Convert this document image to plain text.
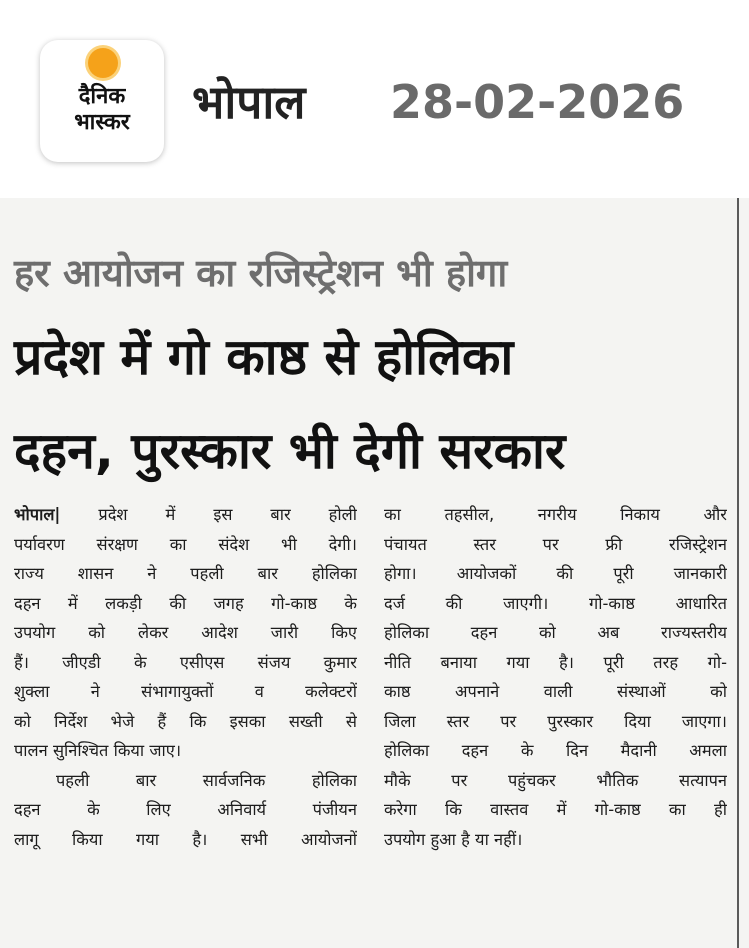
दैनिक
भास्कर	भोपाल 28-02-2026
हर आयोजन का रजिस्ट्रेशन भी होगा
प्रदेश में गो काष्ठ से होलिका
दहन, पुरस्कार भी देगी सरकार
भोपाल| प्रदेश में इस बार होली
पर्यावरण संरक्षण का संदेश भी देगी।
राज्य शासन ने पहली बार होलिका
दहन में लकड़ी की जगह गो-काष्ठ के
उपयोग को लेकर आदेश जारी किए
हैं। जीएडी के एसीएस संजय कुमार
शुक्ला ने संभागायुक्तों व कलेक्टरों
को निर्देश भेजे हैं कि इसका सख्ती से
पालन सुनिश्चित किया जाए।
पहली बार सार्वजनिक होलिका
दहन के लिए अनिवार्य पंजीयन
लागू किया गया है। सभी आयोजनों
का तहसील, नगरीय निकाय और
पंचायत स्तर पर फ्री रजिस्ट्रेशन
होगा। आयोजकों की पूरी जानकारी
दर्ज की जाएगी। गो-काष्ठ आधारित
होलिका दहन को अब राज्यस्तरीय
नीति बनाया गया है। पूरी तरह गो-
काष्ठ अपनाने वाली संस्थाओं को
जिला स्तर पर पुरस्कार दिया जाएगा।
होलिका दहन के दिन मैदानी अमला
मौके पर पहुंचकर भौतिक सत्यापन
करेगा कि वास्तव में गो-काष्ठ का ही
उपयोग हुआ है या नहीं।
